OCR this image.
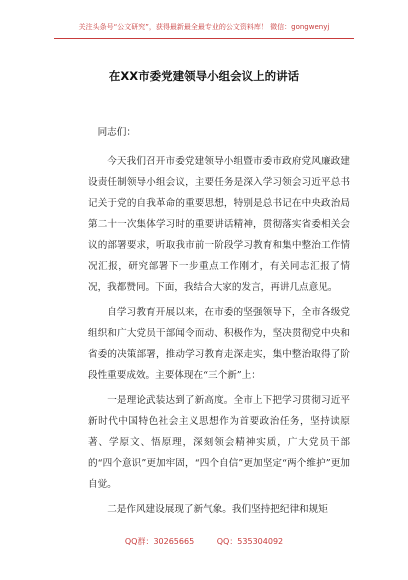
关注头条号“公文研究”，获得最新最全最专业的公文资料库！ 微信：gongwenyj
在XX市委党建领导小组会议上的讲话

同志们：

今天我们召开市委党建领导小组暨市委市政府党风廉政建设责任制领导小组会议，主要任务是深入学习领会习近平总书记关于党的自我革命的重要思想，特别是总书记在中央政治局第二十一次集体学习时的重要讲话精神，贯彻落实省委相关会议的部署要求，听取我市前一阶段学习教育和集中整治工作情况汇报，研究部署下一步重点工作刚才，有关同志汇报了情况，我都赞同。下面，我结合大家的发言，再讲几点意见。

自学习教育开展以来，在市委的坚强领导下，全市各级党组织和广大党员干部闻令而动、积极作为，坚决贯彻党中央和省委的决策部署，推动学习教育走深走实，集中整治取得了阶段性重要成效。主要体现在“三个新”上：

一是理论武装达到了新高度。全市上下把学习贯彻习近平新时代中国特色社会主义思想作为首要政治任务，坚持读原著、学原文、悟原理，深刻领会精神实质，广大党员干部的“四个意识”更加牢固，“四个自信”更加坚定“两个维护”更加自觉。

二是作风建设展现了新气象。我们坚持把纪律和规矩

QQ群：30265665	QQ：535304092
